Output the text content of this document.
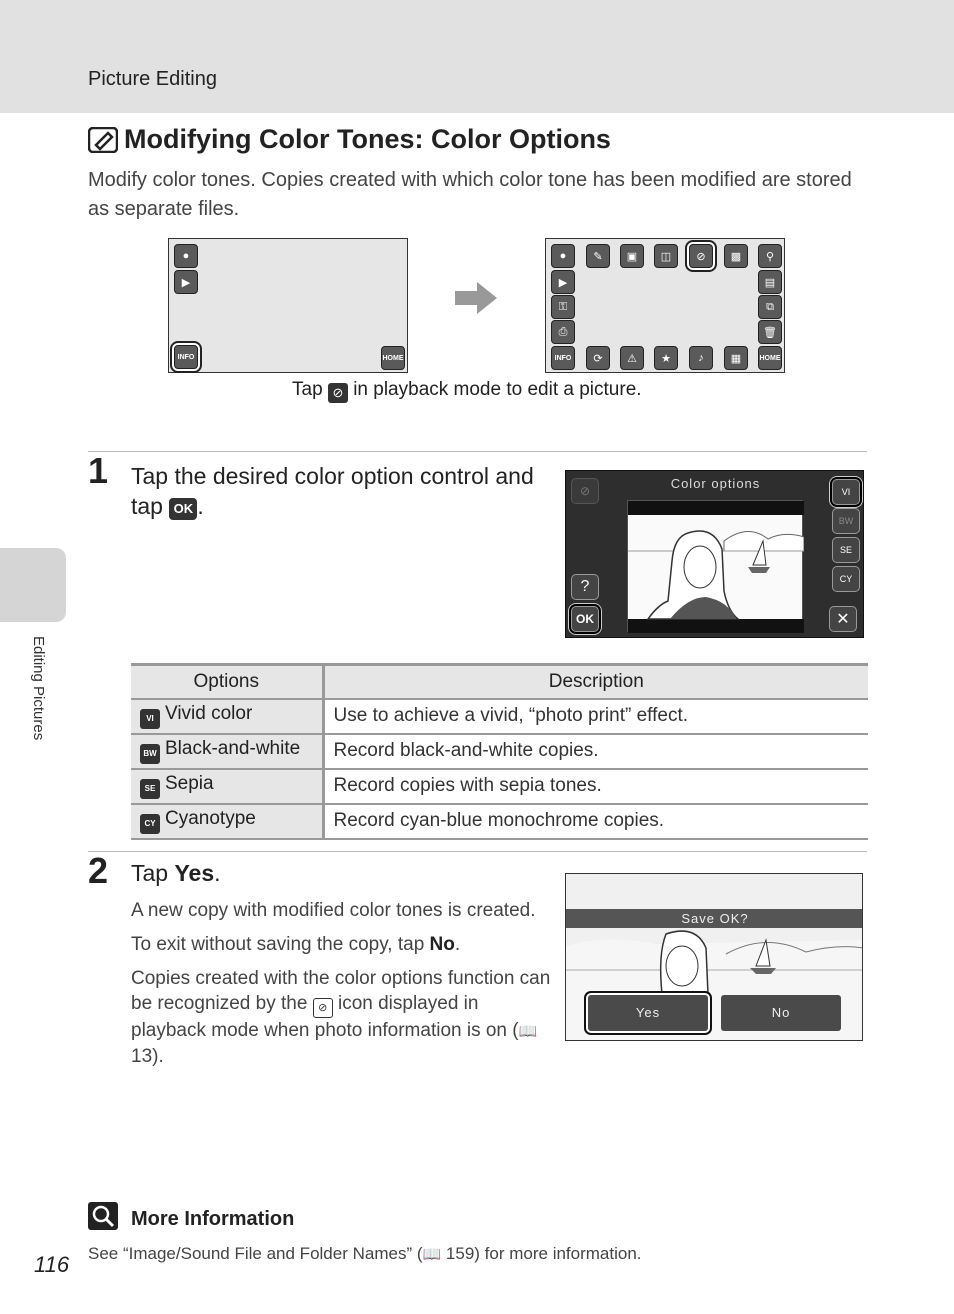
Picture Editing
Editing Pictures
Modifying Color Tones: Color Options
Modify color tones. Copies created with which color tone has been modified are stored as separate files.
●
▶
INFO	HOME
●	✎	▣	◫	⊘	▩	⚲
▶
⚿
⎙
▤
⧉
🗑
INFO	⟳	⚠	★	♪	▦	HOME
Tap ⊘ in playback mode to edit a picture.
1 Tap the desired color option control and tap OK .
Color options
⊘
?
OK
VI
BW
SE
CY
✕
Options	Description
VI Vivid color	Use to achieve a vivid, “photo print” effect.
BW Black-and-white	Record black-and-white copies.
SE Sepia	Record copies with sepia tones.
CY Cyanotype	Record cyan-blue monochrome copies.
2 Tap Yes.

A new copy with modified color tones is created.

To exit without saving the copy, tap No.

Copies created with the color options function can be recognized by the ⊘ icon displayed in playback mode when photo information is on (📖 13).

Save OK?
Yes	No
More Information
See “Image/Sound File and Folder Names” (📖 159) for more information.
116
